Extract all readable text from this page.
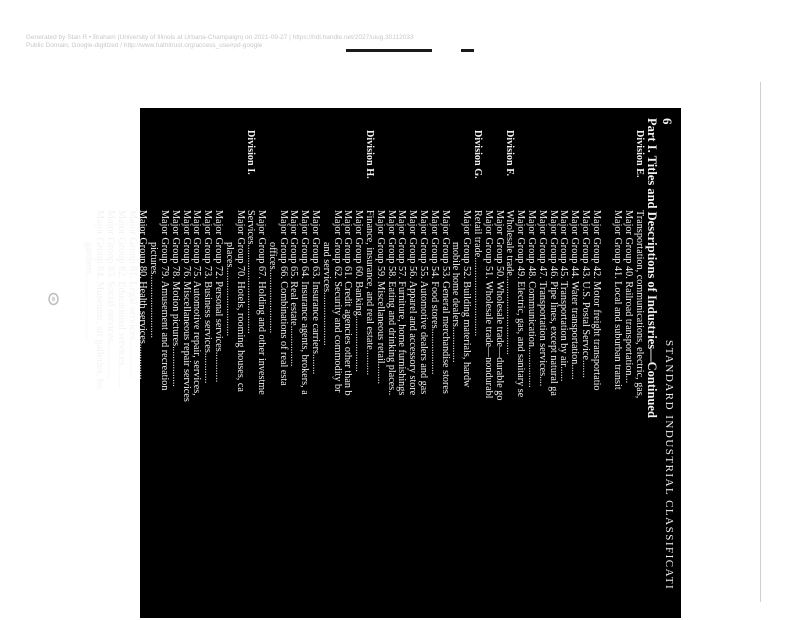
Generated by Stan R • Braham (University of Illinois at Urbana-Champaign) on 2021-09-27 | https://hdl.handle.net/2027/uiug.30112033
Public Domain, Google-digitized / http://www.hathitrust.org/access_use#pd-google
6
STANDARD INDUSTRIAL CLASSIFICATI
Part I. Titles and Descriptions of Industries—Continued
Division E.
Transportation, communications, electric, gas,
Major Group 40. Railroad transportation...
Major Group 41. Local and suburban transit
Major Group 42. Motor freight transportatio
Major Group 43. U.S. Postal Service.......
Major Group 44. Water transportation......
Major Group 45. Transportation by air......
Major Group 46. Pipe lines, except natural ga
Major Group 47. Transportation services....
Major Group 48. Communication................
Major Group 49. Electric, gas, and sanitary se
Division F.
Wholesale trade...............................
Major Group 50. Wholesale trade—durable go
Major Group 51. Wholesale trade—nondurabl
Division G.
Retail trade...............................
Major Group 52. Building materials, hardw
mobile home dealers..............
Major Group 53. General merchandise stores
Major Group 54. Food stores..................
Major Group 55. Automotive dealers and gas
Major Group 56. Apparel and accessory store
Major Group 57. Furniture, home furnishings
Major Group 58. Eating and drinking places..
Major Group 59. Miscellaneous retail........
Division H.
Finance, insurance, and real estate..........
Major Group 60. Banking......................
Major Group 61. Credit agencies other than b
Major Group 62. Security and commodity br
and services.....................
Major Group 63. Insurance carriers........
Major Group 64. Insurance agents, brokers, a
Major Group 65. Real estate................
Major Group 66. Combinations of real esta
offices.........................
Major Group 67. Holding and other investme
Division I.
Services...................................
Major Group 70. Hotels, rooming houses, ca
places...........................
Major Group 72. Personal services............
Major Group 73. Business services............
Major Group 75. Automotive repair, services,
Major Group 76. Miscellaneous repair services
Major Group 78. Motion pictures................
Major Group 79. Amusement and recreation
pictures.........................
Major Group 80. Health services..............
Major Group 81. Legal services...............
Major Group 82. Educational services.........
Major Group 83. Social services..............
Major Group 84. Museums, art galleries, bo
gardens..........................
